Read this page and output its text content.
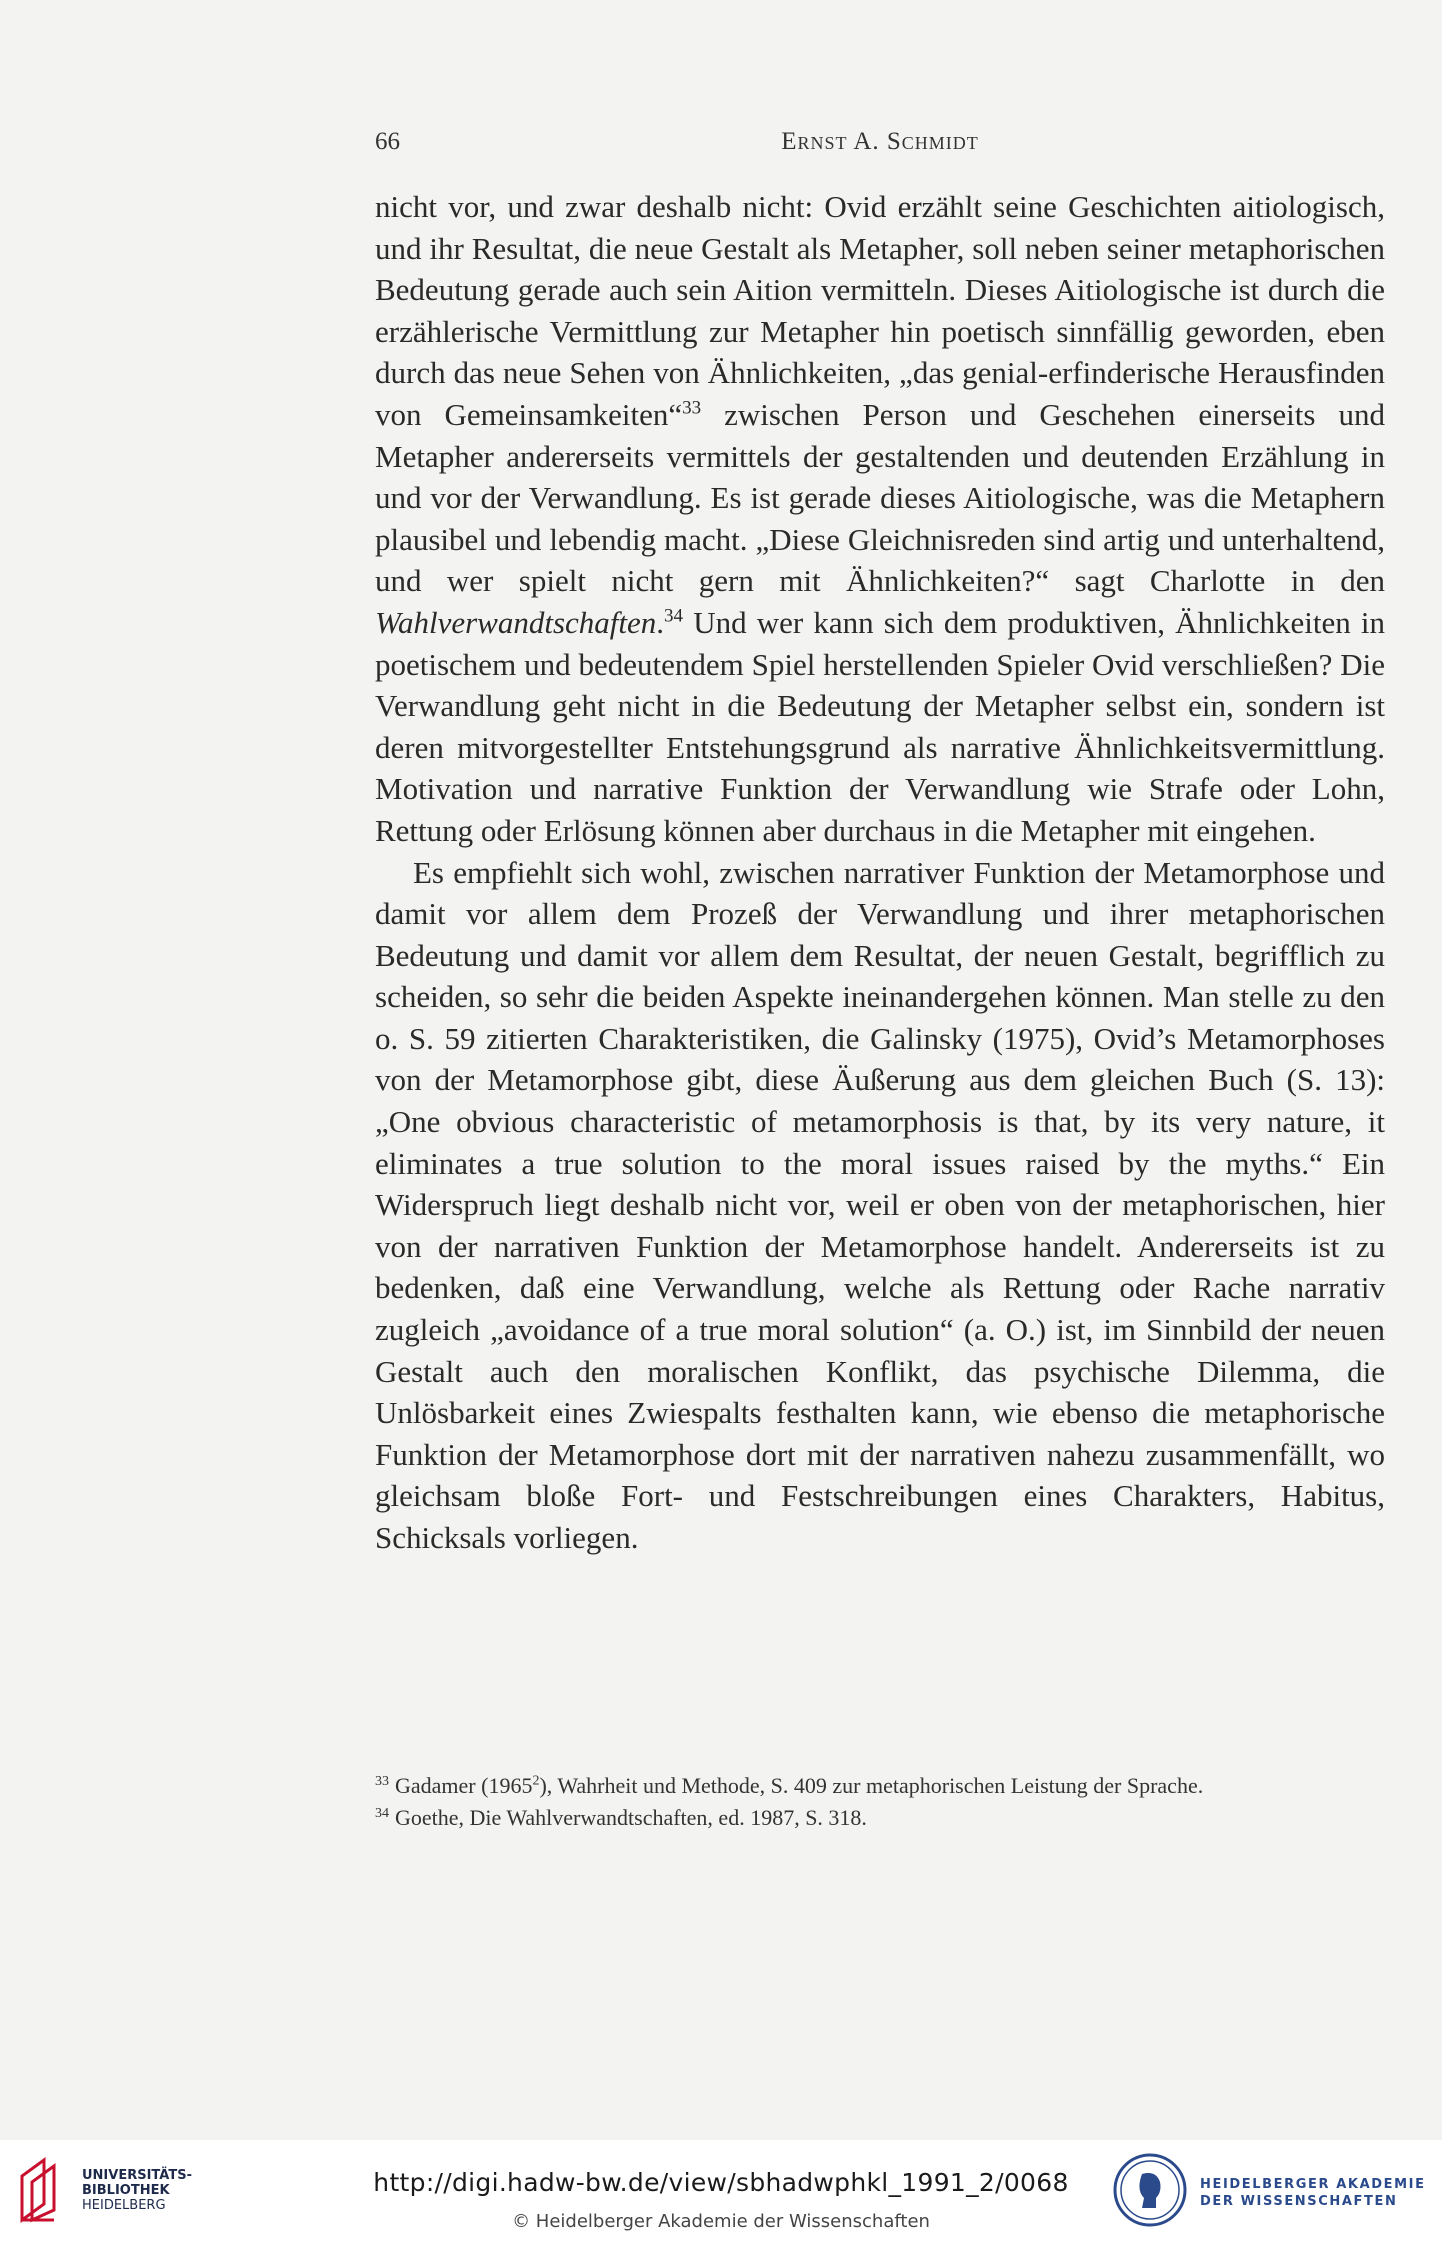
66	Ernst A. Schmidt

nicht vor, und zwar deshalb nicht: Ovid erzählt seine Geschichten aitiologisch, und ihr Resultat, die neue Gestalt als Metapher, soll neben seiner metaphorischen Bedeutung gerade auch sein Aition vermitteln. Dieses Aitiologische ist durch die erzählerische Vermittlung zur Metapher hin poetisch sinnfällig geworden, eben durch das neue Sehen von Ähnlichkeiten, „das genial-erfinderische Herausfinden von Gemeinsamkeiten“$^{33}$ zwischen Person und Geschehen einerseits und Metapher andererseits vermittels der gestaltenden und deutenden Erzählung in und vor der Verwandlung. Es ist gerade dieses Aitiologische, was die Metaphern plausibel und lebendig macht. „Diese Gleichnisreden sind artig und unterhaltend, und wer spielt nicht gern mit Ähnlichkeiten?“ sagt Charlotte in den Wahlverwandtschaften.$^{34}$ Und wer kann sich dem produktiven, Ähnlichkeiten in poetischem und bedeutendem Spiel herstellenden Spieler Ovid verschließen? Die Verwandlung geht nicht in die Bedeutung der Metapher selbst ein, sondern ist deren mitvorgestellter Entstehungsgrund als narrative Ähnlichkeitsvermittlung. Motivation und narrative Funktion der Verwandlung wie Strafe oder Lohn, Rettung oder Erlösung können aber durchaus in die Metapher mit eingehen.

Es empfiehlt sich wohl, zwischen narrativer Funktion der Metamorphose und damit vor allem dem Prozeß der Verwandlung und ihrer metaphorischen Bedeutung und damit vor allem dem Resultat, der neuen Gestalt, begrifflich zu scheiden, so sehr die beiden Aspekte ineinandergehen können. Man stelle zu den o. S. 59 zitierten Charakteristiken, die Galinsky (1975), Ovid’s Metamorphoses von der Metamorphose gibt, diese Äußerung aus dem gleichen Buch (S. 13): „One obvious characteristic of metamorphosis is that, by its very nature, it eliminates a true solution to the moral issues raised by the myths.“ Ein Widerspruch liegt deshalb nicht vor, weil er oben von der metaphorischen, hier von der narrativen Funktion der Metamorphose handelt. Andererseits ist zu bedenken, daß eine Verwandlung, welche als Rettung oder Rache narrativ zugleich „avoidance of a true moral solution“ (a. O.) ist, im Sinnbild der neuen Gestalt auch den moralischen Konflikt, das psychische Dilemma, die Unlösbarkeit eines Zwiespalts festhalten kann, wie ebenso die metaphorische Funktion der Metamorphose dort mit der narrativen nahezu zusammenfällt, wo gleichsam bloße Fort- und Festschreibungen eines Charakters, Habitus, Schicksals vorliegen.

$^{33}$ Gadamer (1965$^2$), Wahrheit und Methode, S. 409 zur metaphorischen Leistung der Sprache.

$^{34}$ Goethe, Die Wahlverwandtschaften, ed. 1987, S. 318.

UNIVERSITÄTS-
BIBLIOTHEK
HEIDELBERG
http://digi.hadw-bw.de/view/sbhadwphkl_1991_2/0068
© Heidelberger Akademie der Wissenschaften
HEIDELBERGER AKADEMIE
DER WISSENSCHAFTEN
